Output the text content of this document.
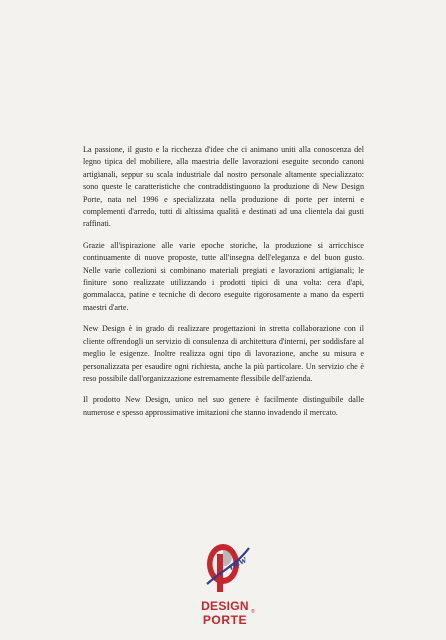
La passione, il gusto e la ricchezza d'idee che ci animano uniti alla conoscenza del legno tipica del mobiliere, alla maestria delle lavorazioni eseguite secondo canoni artigianali, seppur su scala industriale dal nostro personale altamente specializzato: sono queste le caratteristiche che contraddistinguono la produzione di New Design Porte, nata nel 1996 e specializzata nella produzione di porte per interni e complementi d'arredo, tutti di altissima qualità e destinati ad una clientela dai gusti raffinati.

Grazie all'ispirazione alle varie epoche storiche, la produzione si arricchisce continuamente di nuove proposte, tutte all'insegna dell'eleganza e del buon gusto. Nelle varie collezioni si combinano materiali pregiati e lavorazioni artigianali; le finiture sono realizzate utilizzando i prodotti tipici di una volta: cera d'api, gommalacca, patine e tecniche di decoro eseguite rigorosamente a mano da esperti maestri d'arte.

New Design è in grado di realizzare progettazioni in stretta collaborazione con il cliente offrendogli un servizio di consulenza di architettura d'interni, per soddisfare al meglio le esigenze. Inoltre realizza ogni tipo di lavorazione, anche su misura e personalizzata per esaudire ogni richiesta, anche la più particolare. Un servizio che è reso possibile dall'organizzazione estremamente flessibile dell'azienda.

Il prodotto New Design, unico nel suo genere è facilmente distinguibile dalle numerose e spesso approssimative imitazioni che stanno invadendo il mercato.

new
DESIGN
PORTE
®
